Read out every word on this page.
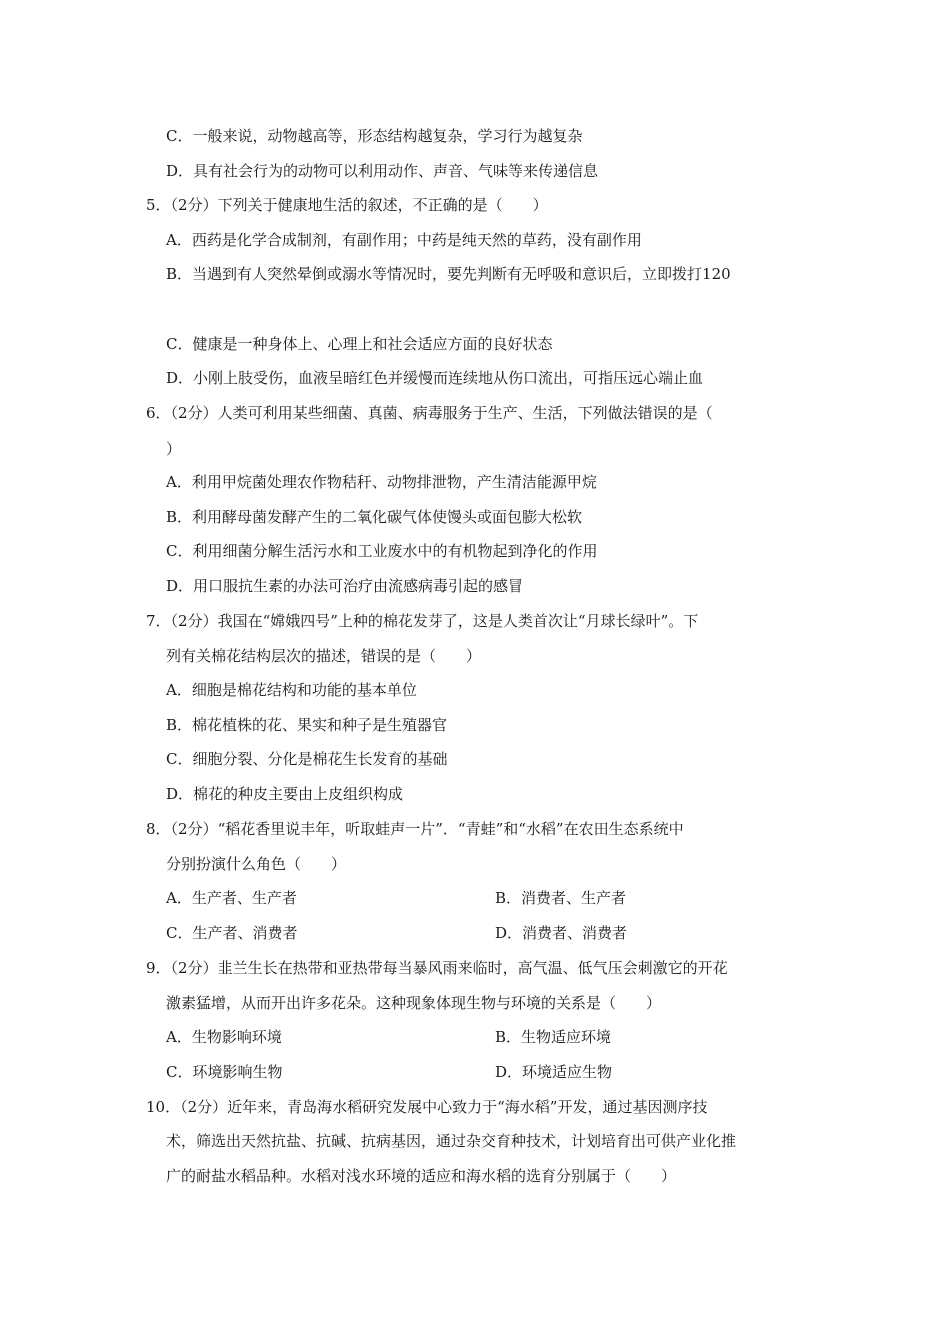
C．一般来说，动物越高等，形态结构越复杂，学习行为越复杂
D．具有社会行为的动物可以利用动作、声音、气味等来传递信息
5．（2分）下列关于健康地生活的叙述，不正确的是（　　）
A．西药是化学合成制剂，有副作用；中药是纯天然的草药，没有副作用
B．当遇到有人突然晕倒或溺水等情况时，要先判断有无呼吸和意识后，立即拨打120
C．健康是一种身体上、心理上和社会适应方面的良好状态
D．小刚上肢受伤，血液呈暗红色并缓慢而连续地从伤口流出，可指压远心端止血
6．（2分）人类可利用某些细菌、真菌、病毒服务于生产、生活，下列做法错误的是（
）
A．利用甲烷菌处理农作物秸秆、动物排泄物，产生清洁能源甲烷
B．利用酵母菌发酵产生的二氧化碳气体使馒头或面包膨大松软
C．利用细菌分解生活污水和工业废水中的有机物起到净化的作用
D．用口服抗生素的办法可治疗由流感病毒引起的感冒
7．（2分）我国在“嫦娥四号”上种的棉花发芽了，这是人类首次让“月球长绿叶”。下
列有关棉花结构层次的描述，错误的是（　　）
A．细胞是棉花结构和功能的基本单位
B．棉花植株的花、果实和种子是生殖器官
C．细胞分裂、分化是棉花生长发育的基础
D．棉花的种皮主要由上皮组织构成
8．（2分）“稻花香里说丰年，听取蛙声一片”．“青蛙”和“水稻”在农田生态系统中
分别扮演什么角色（　　）
A．生产者、生产者	B．消费者、生产者
C．生产者、消费者	D．消费者、消费者
9．（2分）韭兰生长在热带和亚热带每当暴风雨来临时，高气温、低气压会刺激它的开花
激素猛增，从而开出许多花朵。这种现象体现生物与环境的关系是（　　）
A．生物影响环境	B．生物适应环境
C．环境影响生物	D．环境适应生物
10．（2分）近年来，青岛海水稻研究发展中心致力于“海水稻”开发，通过基因测序技
术，筛选出天然抗盐、抗碱、抗病基因，通过杂交育种技术，计划培育出可供产业化推
广的耐盐水稻品种。水稻对浅水环境的适应和海水稻的选育分别属于（　　）
